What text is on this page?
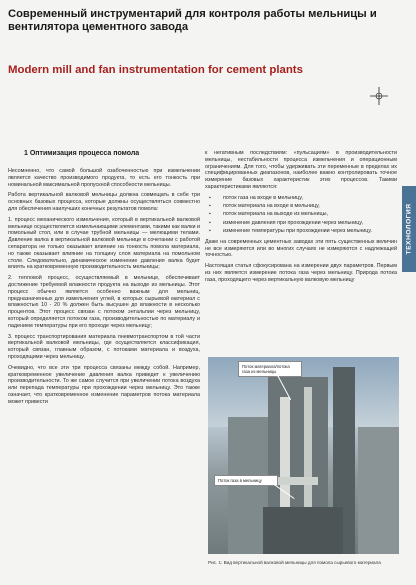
Современный инструментарий для контроля работы мельницы и вентилятора цементного завода
Modern mill and fan instrumentation for cement plants
ТЕХНОЛОГИЯ
1 Оптимизация процесса помола

Несомненно, что самой большой озабоченностью при измельчении является качество производимого продукта, то есть его тонкость при номинальной максимальной пропускной способности мельницы.

Работа вертикальной валковой мельницы должна совмещать в себе три основных базовых процесса, которые должны осуществляться совместно для обеспечения наилучших конечных результатов помола:

1. процесс механического измельчения, который в вертикальной валковой мельнице осуществляется измельчающими элементами, такими как валки и помольный стол, или в случае трубной мельницы — мелющими телами. Давление валка в вертикальной валковой мельнице в сочетании с работой сепаратора не только оказывает влияние на тонкость помола материала, но также оказывает влияние на толщину слоя материала на помольном столе. Следовательно, динамическое изменение давления валка будет влиять на кратковременную производительность мельницы;

2. тепловой процесс, осуществляемый в мельнице, обеспечивает достижение требуемой влажности продукта на выходе из мельницы. Этот процесс обычно является особенно важным для мельниц, предназначенных для измельчения углей, в которых сырьевой материал с влажностью 10 - 20 % должен быть высушен до влажности в несколько процентов. Этот процесс связан с потоком энтальпии через мельницу, который определяется потоком газа, производительностью по материалу и падением температуры при его проходе через мельницу;

3. процесс транспортирования материала пневмотранспортом в той части вертикальной валковой мельницы, где осуществляется классификация, который связан, главным образом, с потоками материала и воздуха, проходящими через мельницу.

Очевидно, что все эти три процесса связаны между собой. Например, кратковременное увеличение давления валка приведет к увеличению производительности. То же самое случится при увеличении потока воздуха или перепада температуры при прохождении через мельницу. Это также означает, что кратковременное изменение параметров потока материала может привести

к негативным последствиям: «пульсациям» в производительности мельницы, нестабильности процесса измельчения и операционным ограничениям. Для того, чтобы удерживать эти переменные в пределах их специфицированных диапазонов, наиболее важно контролировать точное измерение базовых характеристик этих процессов. Такими характеристиками являются:

▪ поток газа на входе в мельницу,
▪ поток материала на входе в мельницу,
▪ поток материала на выходе из мельницы,
▪ изменение давления при прохождении через мельницу,
▪ изменение температуры при прохождении через мельницу.

Даже на современных цементных заводах эти пять существенных величин не все измеряются или во многих случаях не измеряются с надлежащей точностью.

Настоящая статья сфокусирована на измерении двух параметров. Первым из них является измерение потока газа через мельницу. Природа потока газа, проходящего через вертикальную валковую мельницу

Поток материала/потока газа из мельницы
Поток газа в мельницу
Рис. 1: Вид вертикальной валковой мельницы для помола сырьевого материала
